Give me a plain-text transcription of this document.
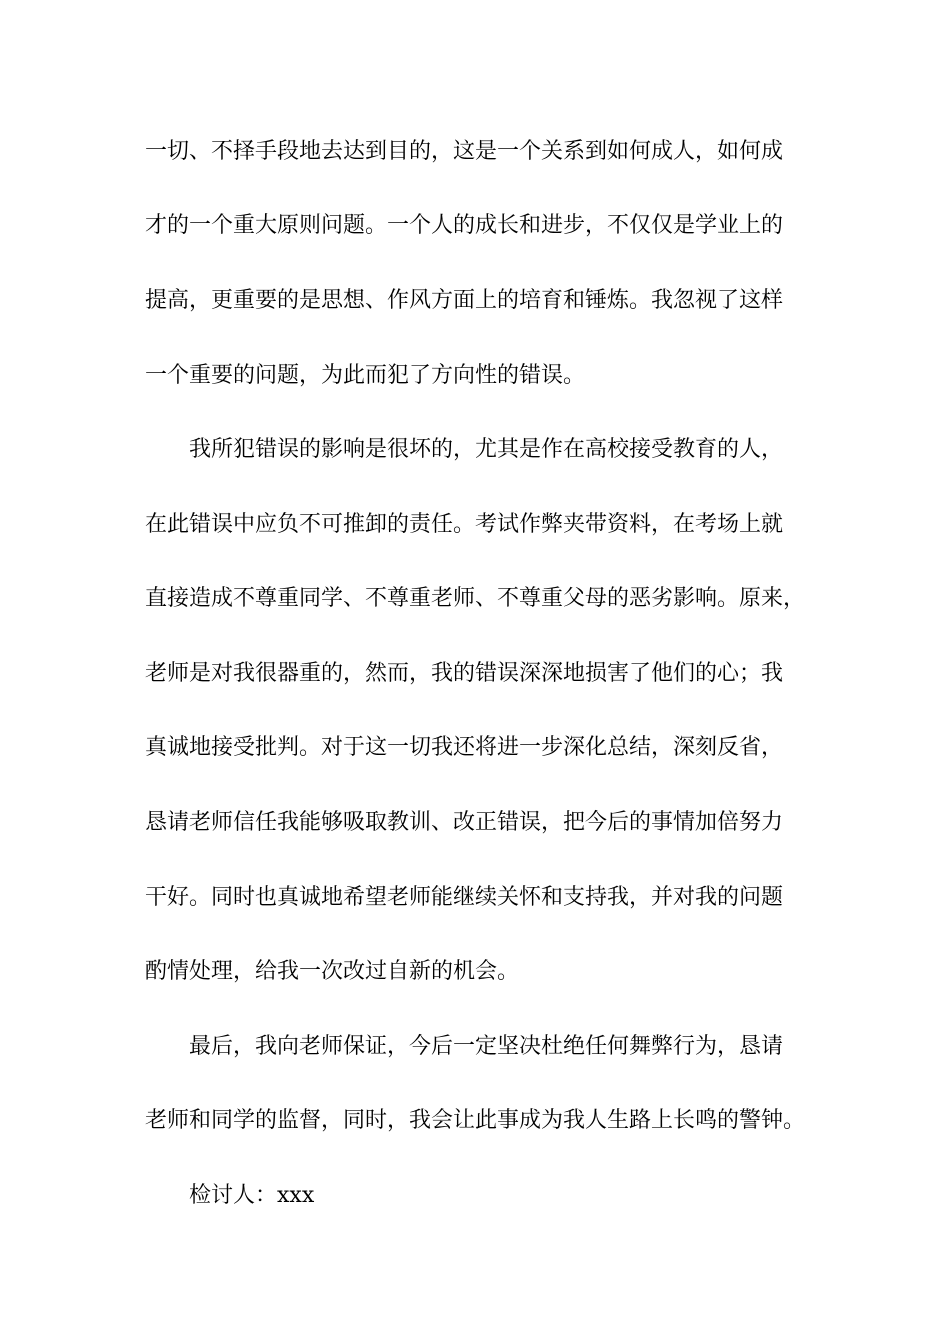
一切、不择手段地去达到目的，这是一个关系到如何成人，如何成
才的一个重大原则问题。一个人的成长和进步，不仅仅是学业上的
提高，更重要的是思想、作风方面上的培育和锤炼。我忽视了这样
一个重要的问题，为此而犯了方向性的错误。
我所犯错误的影响是很坏的，尤其是作在高校接受教育的人，
在此错误中应负不可推卸的责任。考试作弊夹带资料，在考场上就
直接造成不尊重同学、不尊重老师、不尊重父母的恶劣影响。原来，
老师是对我很器重的，然而，我的错误深深地损害了他们的心；我
真诚地接受批判。对于这一切我还将进一步深化总结，深刻反省，
恳请老师信任我能够吸取教训、改正错误，把今后的事情加倍努力
干好。同时也真诚地希望老师能继续关怀和支持我，并对我的问题
酌情处理，给我一次改过自新的机会。
最后，我向老师保证，今后一定坚决杜绝任何舞弊行为，恳请
老师和同学的监督，同时，我会让此事成为我人生路上长鸣的警钟。
检讨人：xxx
